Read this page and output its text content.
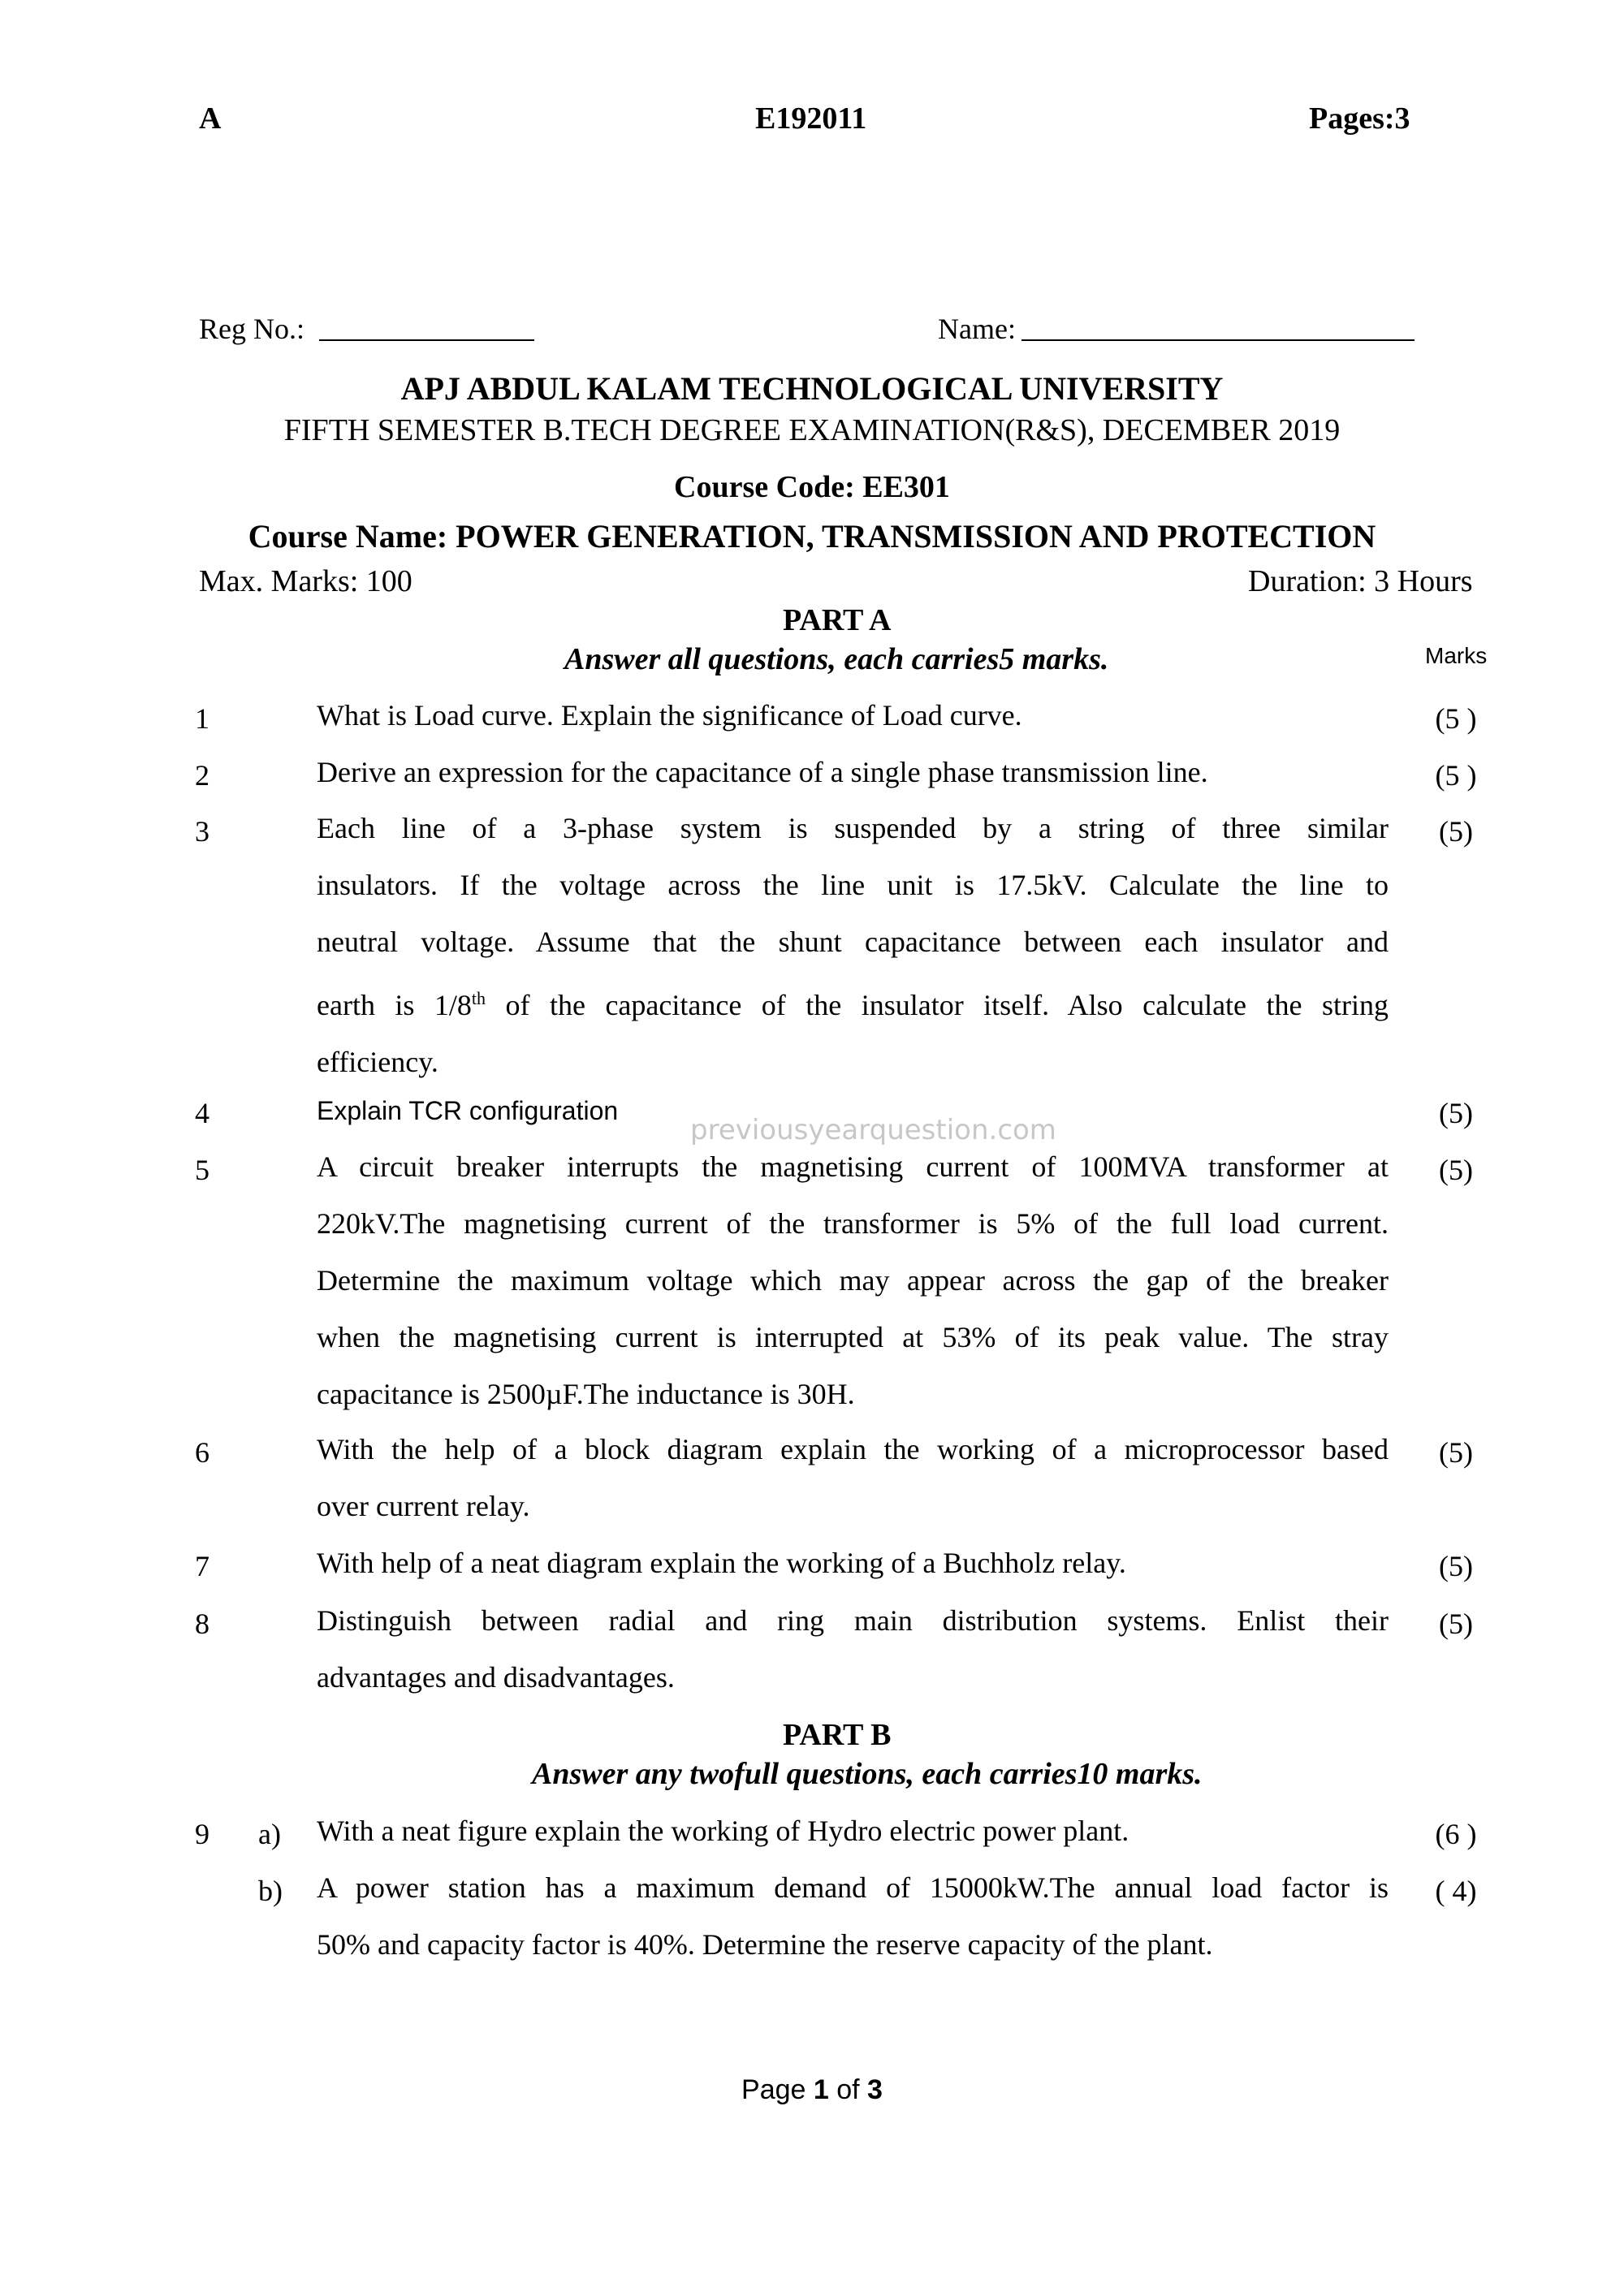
A	E192011	Pages:3
Reg No.:	Name:
APJ ABDUL KALAM TECHNOLOGICAL UNIVERSITY
FIFTH SEMESTER B.TECH DEGREE EXAMINATION(R&S), DECEMBER 2019
Course Code: EE301
Course Name: POWER GENERATION, TRANSMISSION AND PROTECTION
Max. Marks: 100	Duration: 3 Hours
PART A
Answer all questions, each carries5 marks.	Marks
1	What is Load curve. Explain the significance of Load curve.	(5 )
2	Derive an expression for the capacitance of a single phase transmission line.	(5 )
3	Each line of a 3-phase system is suspended by a string of three similar
insulators. If the voltage across the line unit is 17.5kV. Calculate the line to
neutral voltage. Assume that the shunt capacitance between each insulator and
earth is 1/8th of the capacitance of the insulator itself. Also calculate the string
efficiency.
(5)
4	Explain TCR configuration	(5)
previousyearquestion.com
5	A circuit breaker interrupts the magnetising current of 100MVA transformer at
220kV.The magnetising current of the transformer is 5% of the full load current.
Determine the maximum voltage which may appear across the gap of the breaker
when the magnetising current is interrupted at 53% of its peak value. The stray
capacitance is 2500µF.The inductance is 30H.
(5)
6	With the help of a block diagram explain the working of a microprocessor based
over current relay.
(5)
7	With help of a neat diagram explain the working of a Buchholz relay.	(5)
8	Distinguish between radial and ring main distribution systems. Enlist their
advantages and disadvantages.
(5)
PART B
Answer any twofull questions, each carries10 marks.
9 a) With a neat figure explain the working of Hydro electric power plant.	(6 )
b) A power station has a maximum demand of 15000kW.The annual load factor is
50% and capacity factor is 40%. Determine the reserve capacity of the plant.
( 4)
Page 1 of 3
